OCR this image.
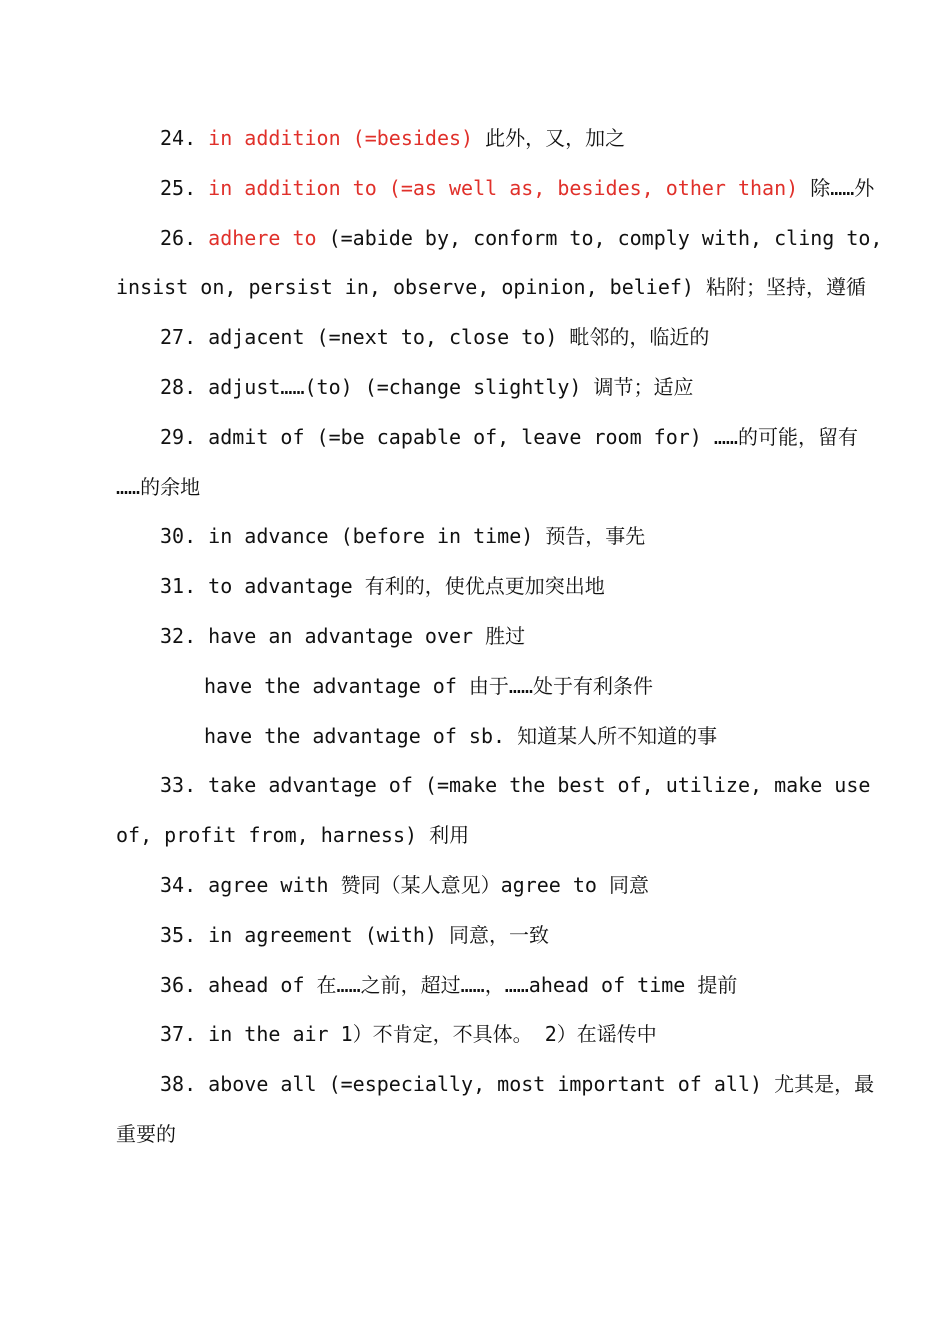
24. in addition (=besides) 此外，又，加之
25. in addition to (=as well as, besides, other than) 除……外
26. adhere to (=abide by, conform to, comply with, cling to,
insist on, persist in, observe, opinion, belief) 粘附；坚持，遵循
27. adjacent (=next to, close to) 毗邻的，临近的
28. adjust……(to) (=change slightly) 调节；适应
29. admit of (=be capable of, leave room for) ……的可能，留有
……的余地
30. in advance (before in time) 预告，事先
31. to advantage 有利的，使优点更加突出地
32. have an advantage over 胜过
have the advantage of 由于……处于有利条件
have the advantage of sb. 知道某人所不知道的事
33. take advantage of (=make the best of, utilize, make use
of, profit from, harness) 利用
34. agree with 赞同（某人意见）agree to 同意
35. in agreement (with) 同意，一致
36. ahead of 在……之前，超过……，……ahead of time 提前
37. in the air 1）不肯定，不具体。 2）在谣传中
38. above all (=especially, most important of all) 尤其是，最
重要的
